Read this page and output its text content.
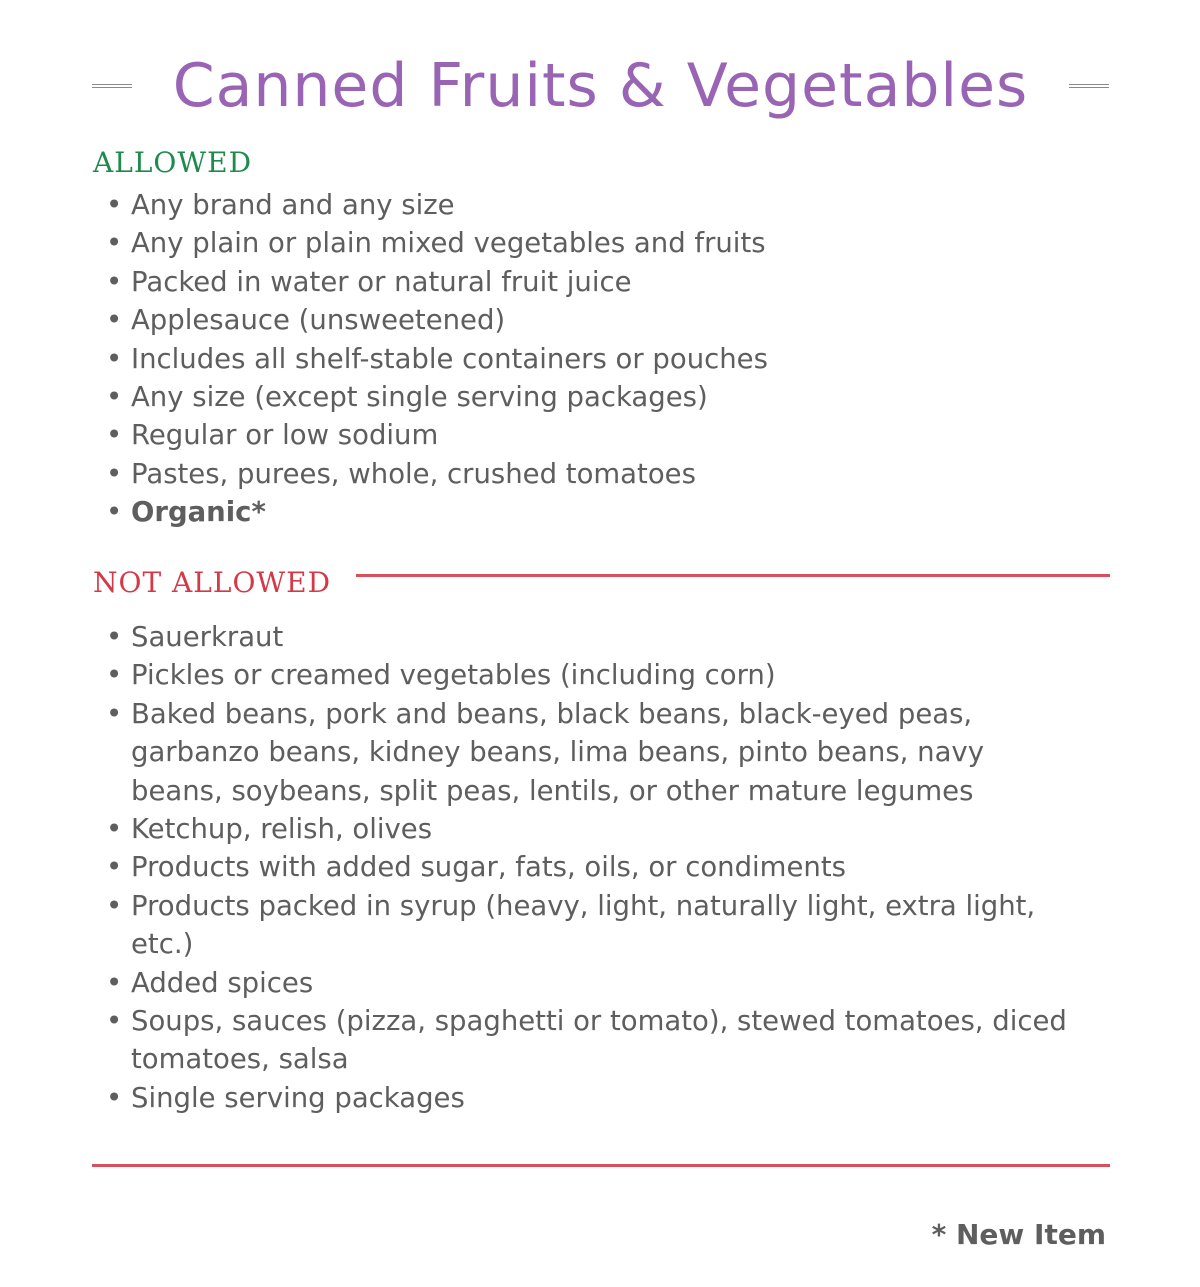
Canned Fruits & Vegetables
ALLOWED
• Any brand and any size
• Any plain or plain mixed vegetables and fruits
• Packed in water or natural fruit juice
• Applesauce (unsweetened)
• Includes all shelf-stable containers or pouches
• Any size (except single serving packages)
• Regular or low sodium
• Pastes, purees, whole, crushed tomatoes
• Organic*
NOT ALLOWED
• Sauerkraut
• Pickles or creamed vegetables (including corn)
• Baked beans, pork and beans, black beans, black-eyed peas, garbanzo beans, kidney beans, lima beans, pinto beans, navy beans, soybeans, split peas, lentils, or other mature legumes
• Ketchup, relish, olives
• Products with added sugar, fats, oils, or condiments
• Products packed in syrup (heavy, light, naturally light, extra light, etc.)
• Added spices
• Soups, sauces (pizza, spaghetti or tomato), stewed tomatoes, diced tomatoes, salsa
• Single serving packages
* New Item
